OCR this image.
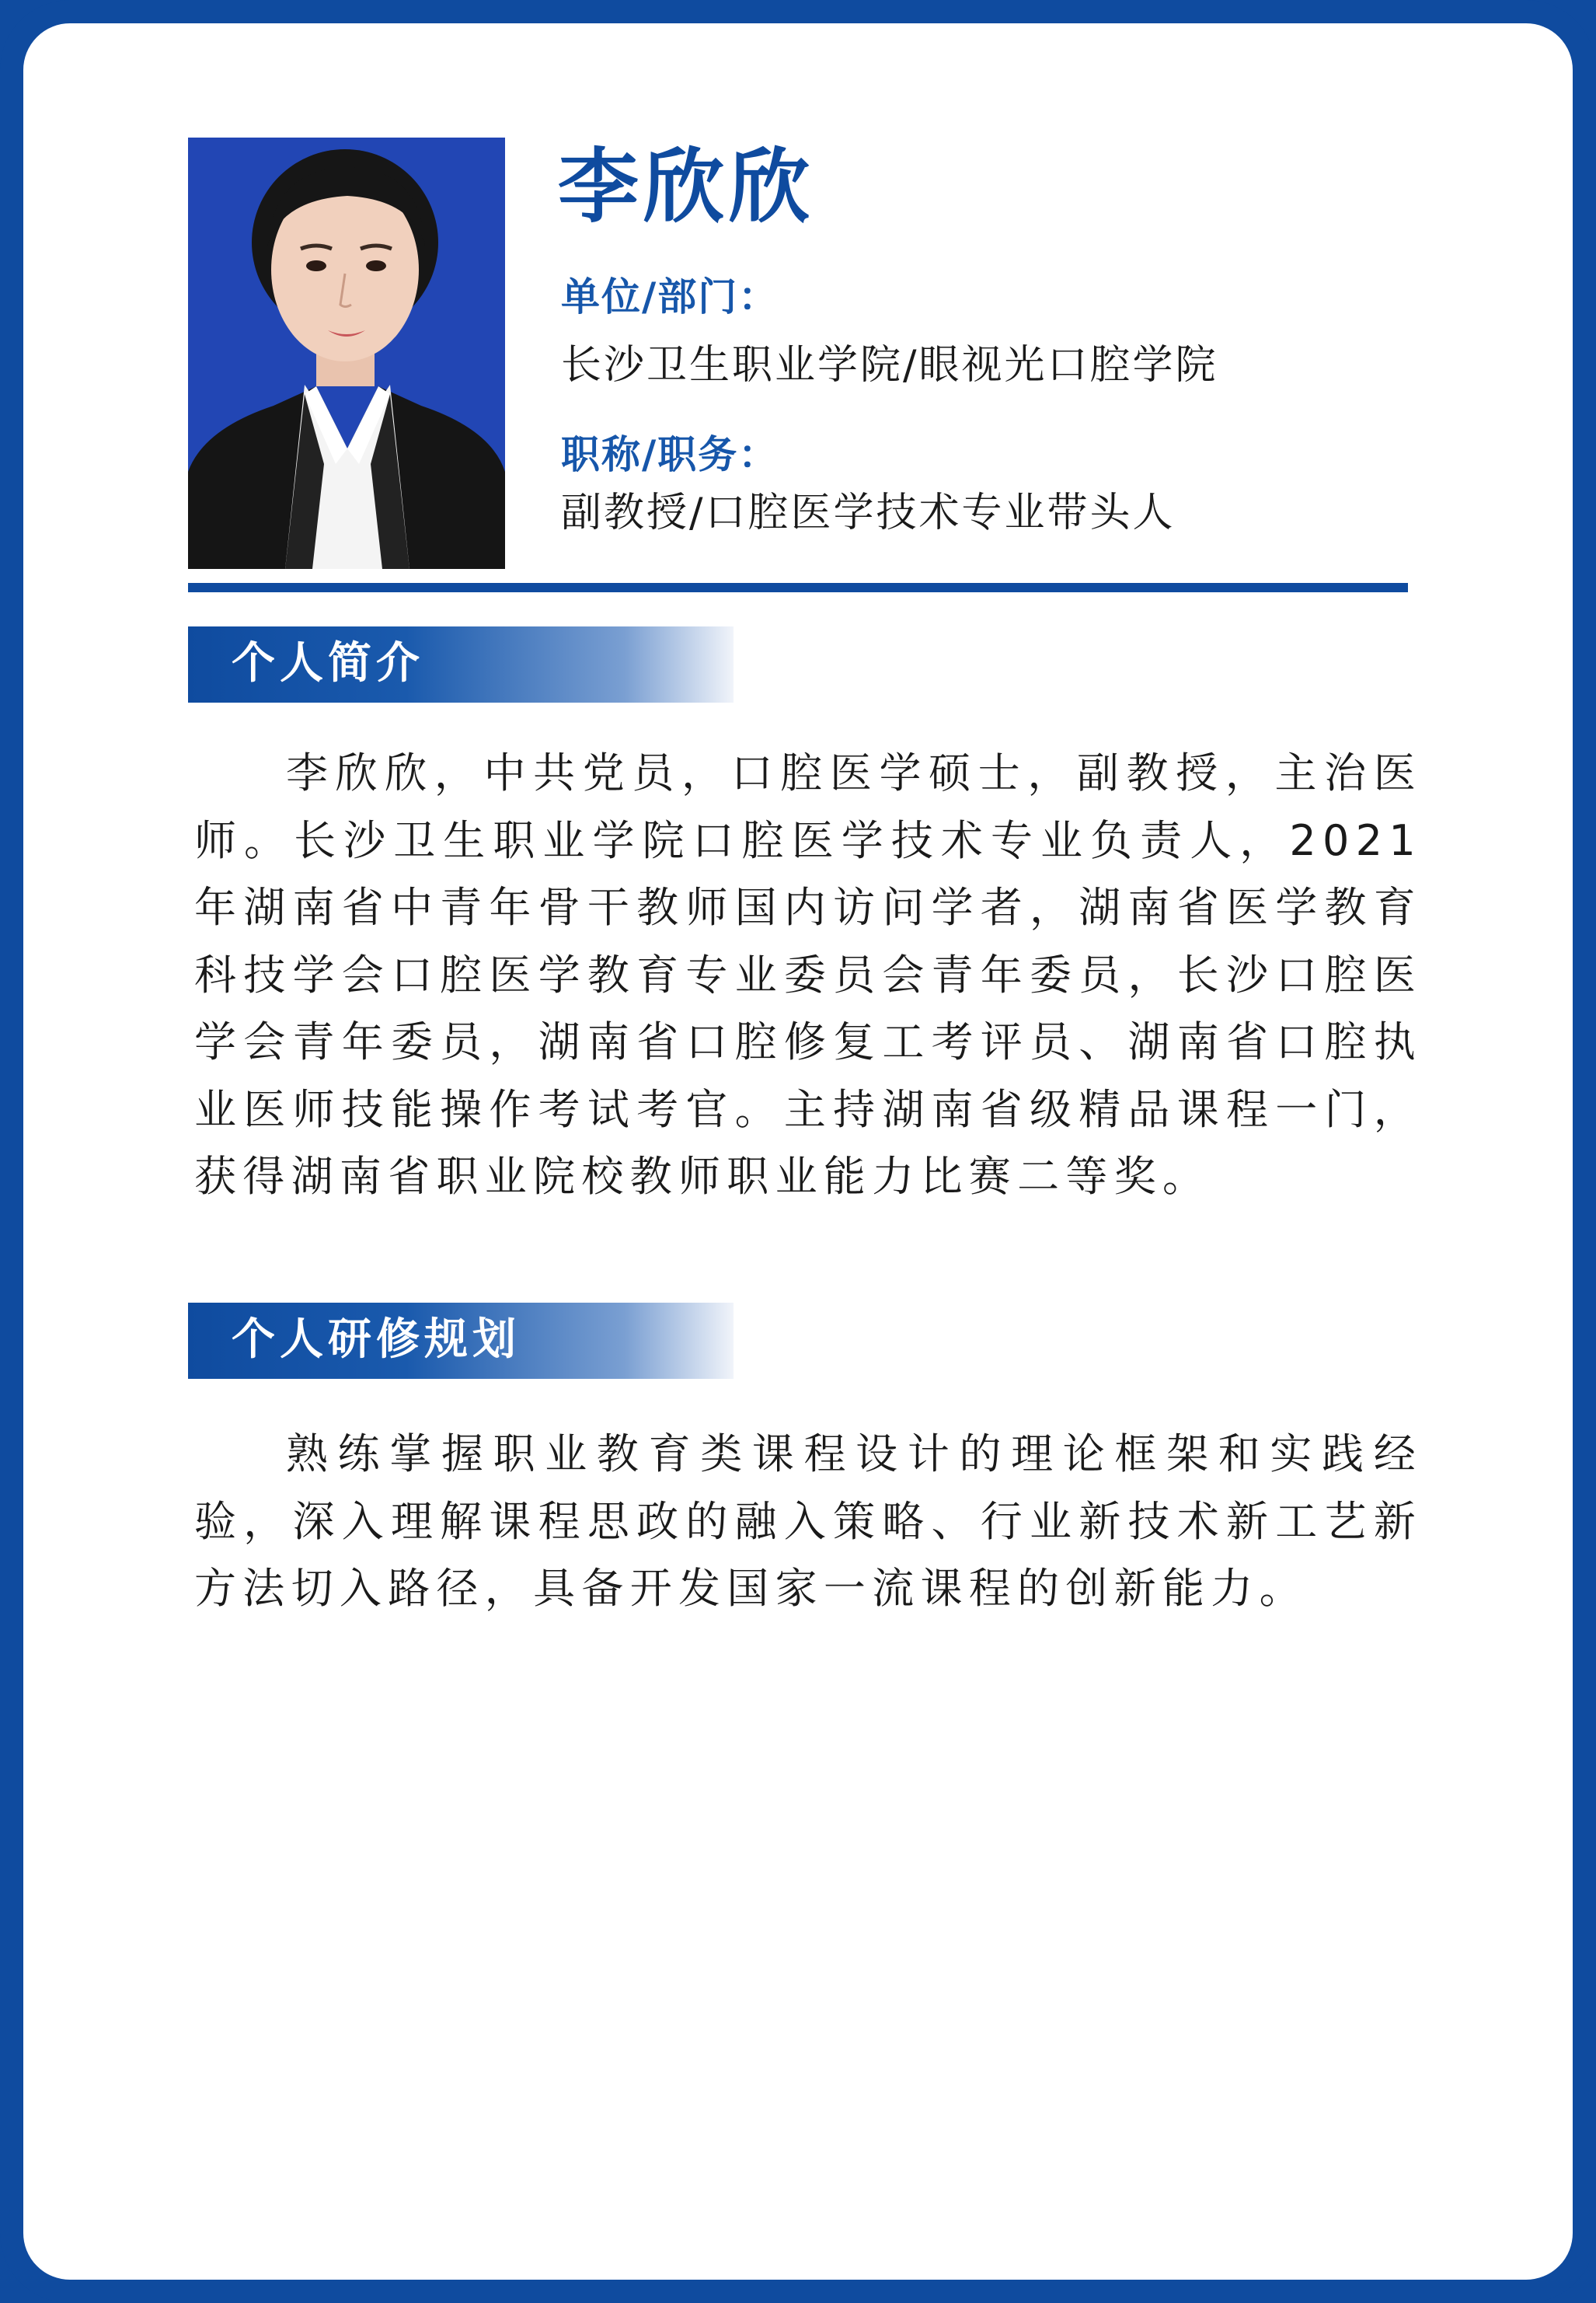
李欣欣
单位/部门：
长沙卫生职业学院/眼视光口腔学院
职称/职务：
副教授/口腔医学技术专业带头人
个人简介
李欣欣，中共党员，口腔医学硕士，副教授，主治医师。长沙卫生职业学院口腔医学技术专业负责人，2021年湖南省中青年骨干教师国内访问学者，湖南省医学教育科技学会口腔医学教育专业委员会青年委员，长沙口腔医学会青年委员，湖南省口腔修复工考评员、湖南省口腔执业医师技能操作考试考官。主持湖南省级精品课程一门，获得湖南省职业院校教师职业能力比赛二等奖。
个人研修规划
熟练掌握职业教育类课程设计的理论框架和实践经验，深入理解课程思政的融入策略、行业新技术新工艺新方法切入路径，具备开发国家一流课程的创新能力。
